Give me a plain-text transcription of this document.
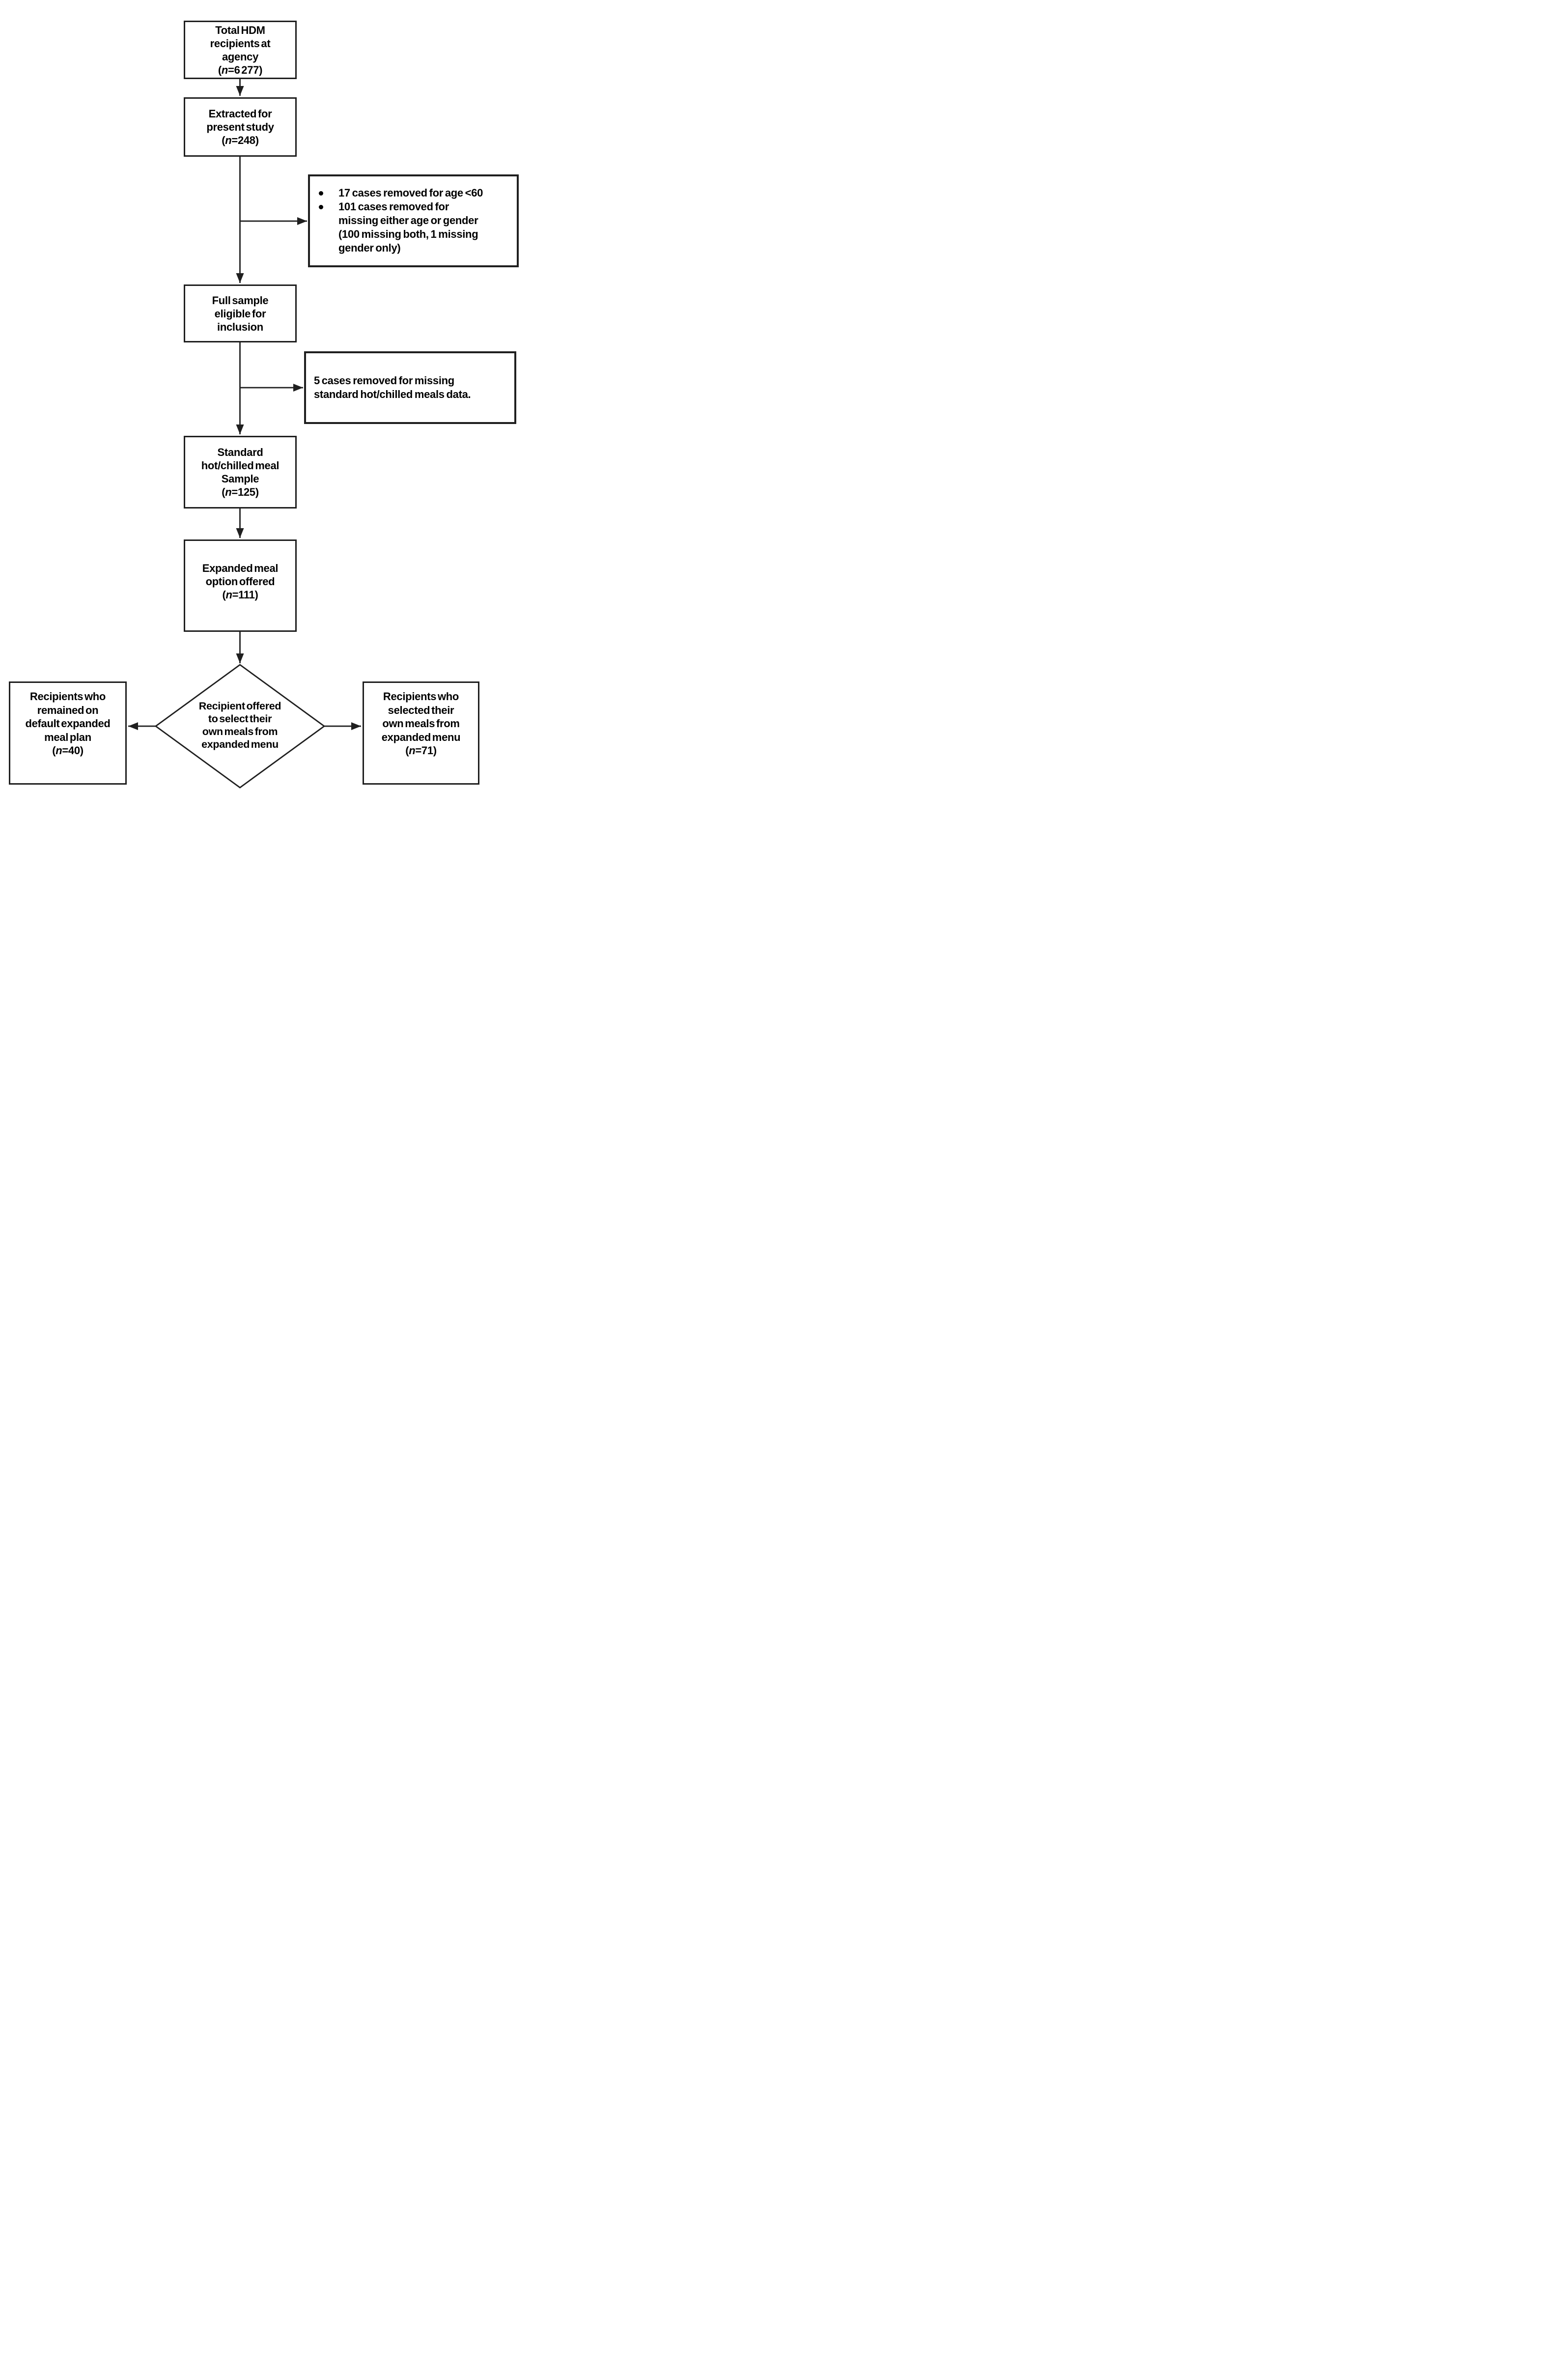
Total HDM
recipients at
agency
(n=6 277)
Extracted for
present study
(n=248)
17 cases removed for age <60
101 cases removed for
missing either age or gender
(100 missing both, 1 missing
gender only)
Full sample
eligible for
inclusion
5 cases removed for missing
standard hot/chilled meals data.
Standard
hot/chilled meal
Sample
(n=125)
Expanded meal
option offered
(n=111)
Recipient offered
to select their
own meals from
expanded menu
Recipients who
remained on
default expanded
meal plan
(n=40)
Recipients who
selected their
own meals from
expanded menu
(n=71)
